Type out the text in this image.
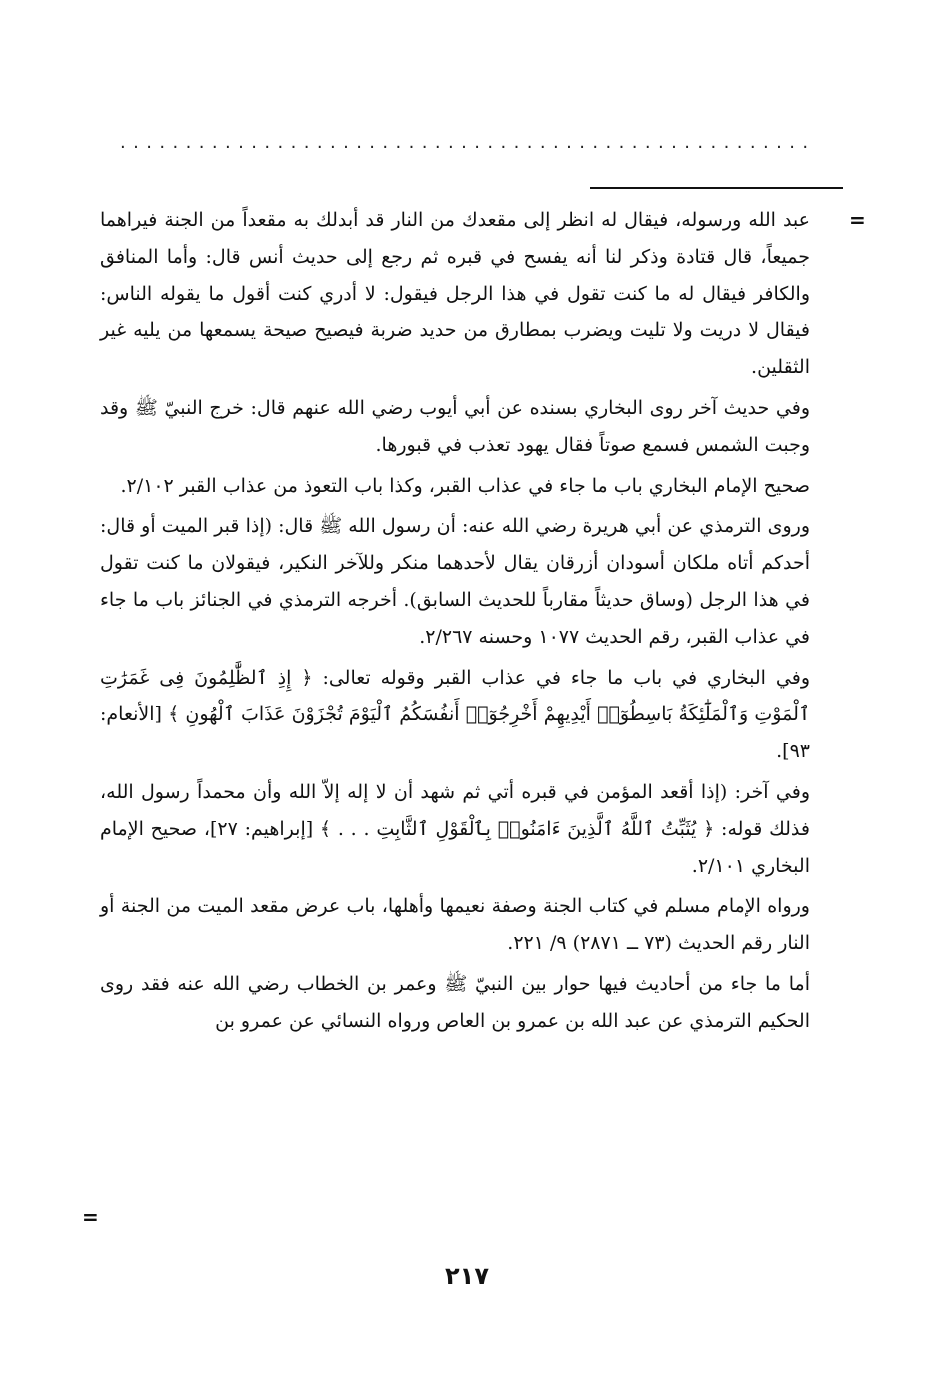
.....................................................
=

عبد الله ورسوله، فيقال له انظر إلى مقعدك من النار قد أبدلك به مقعداً من الجنة فيراهما جميعاً، قال قتادة وذكر لنا أنه يفسح في قبره ثم رجع إلى حديث أنس قال: وأما المنافق والكافر فيقال له ما كنت تقول في هذا الرجل فيقول: لا أدري كنت أقول ما يقوله الناس: فيقال لا دريت ولا تليت ويضرب بمطارق من حديد ضربة فيصيح صيحة يسمعها من يليه غير الثقلين.

وفي حديث آخر روى البخاري بسنده عن أبي أيوب رضي الله عنهم قال: خرج النبيّ ﷺ وقد وجبت الشمس فسمع صوتاً فقال يهود تعذب في قبورها.

صحيح الإمام البخاري باب ما جاء في عذاب القبر، وكذا باب التعوذ من عذاب القبر ٢/١٠٢.

وروى الترمذي عن أبي هريرة رضي الله عنه: أن رسول الله ﷺ قال: (إذا قبر الميت أو قال: أحدكم أتاه ملكان أسودان أزرقان يقال لأحدهما منكر وللآخر النكير، فيقولان ما كنت تقول في هذا الرجل (وساق حديثاً مقارباً للحديث السابق). أخرجه الترمذي في الجنائز باب ما جاء في عذاب القبر، رقم الحديث ١٠٧٧ وحسنه ٢/٢٦٧.

وفي البخاري في باب ما جاء في عذاب القبر وقوله تعالى: ﴿ إِذِ ٱلظَّٰلِمُونَ فِى غَمَرَٰتِ ٱلْمَوْتِ وَٱلْمَلَٰٓئِكَةُ بَاسِطُوٓا۟ أَيْدِيهِمْ أَخْرِجُوٓا۟ أَنفُسَكُمُ ٱلْيَوْمَ تُجْزَوْنَ عَذَابَ ٱلْهُونِ ﴾ [الأنعام: ٩٣].

وفي آخر: (إذا أقعد المؤمن في قبره أتي ثم شهد أن لا إله إلاّ الله وأن محمداً رسول الله، فذلك قوله: ﴿ يُثَبِّتُ ٱللَّهُ ٱلَّذِينَ ءَامَنُوا۟ بِٱلْقَوْلِ ٱلثَّابِتِ . . . ﴾ [إبراهيم: ٢٧]، صحيح الإمام البخاري ٢/١٠١.

ورواه الإمام مسلم في كتاب الجنة وصفة نعيمها وأهلها، باب عرض مقعد الميت من الجنة أو النار رقم الحديث (٧٣ ــ ٢٨٧١) ٩/ ٢٢١.

أما ما جاء من أحاديث فيها حوار بين النبيّ ﷺ وعمر بن الخطاب رضي الله عنه فقد روى الحكيم الترمذي عن عبد الله بن عمرو بن العاص ورواه النسائي عن عمرو بن

=
٢١٧
